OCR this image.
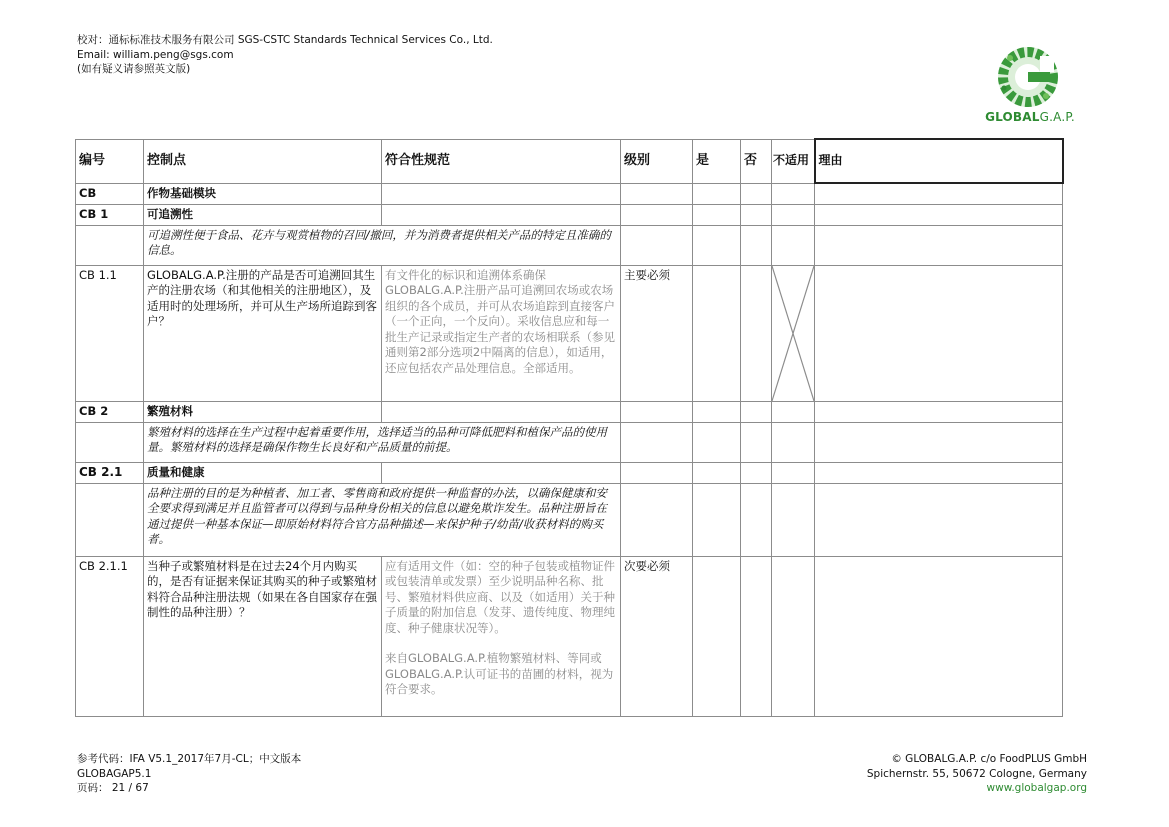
校对：通标标准技术服务有限公司 SGS-CSTC Standards Technical Services Co., Ltd.
Email: william.peng@sgs.com
(如有疑义请参照英文版)
GLOBALG.A.P.
编号	控制点	符合性规范	级别	是	否	不适用	理由
CB	作物基础模块						
CB 1	可追溯性						
	可追溯性便于食品、花卉与观赏植物的召回/撤回，并为消费者提供相关产品的特定且准确的信息。						
CB 1.1	GLOBALG.A.P.注册的产品是否可追溯回其生产的注册农场（和其他相关的注册地区），及适用时的处理场所，并可从生产场所追踪到客户？	有文件化的标识和追溯体系确保GLOBALG.A.P.注册产品可追溯回农场或农场组织的各个成员，并可从农场追踪到直接客户（一个正向，一个反向）。采收信息应和每一批生产记录或指定生产者的农场相联系（参见通则第2部分选项2中隔离的信息），如适用，还应包括农产品处理信息。全部适用。	主要必须			

CB 2	繁殖材料						
	繁殖材料的选择在生产过程中起着重要作用，选择适当的品种可降低肥料和植保产品的使用量。繁殖材料的选择是确保作物生长良好和产品质量的前提。						
CB 2.1	质量和健康						
	品种注册的目的是为种植者、加工者、零售商和政府提供一种监督的办法，以确保健康和安全要求得到满足并且监管者可以得到与品种身份相关的信息以避免欺诈发生。品种注册旨在通过提供一种基本保证—即原始材料符合官方品种描述—来保护种子/幼苗/收获材料的购买者。						
CB 2.1.1	当种子或繁殖材料是在过去24个月内购买的，是否有证据来保证其购买的种子或繁殖材料符合品种注册法规（如果在各自国家存在强制性的品种注册）？	应有适用文件（如：空的种子包装或植物证件或包装清单或发票）至少说明品种名称、批号、繁殖材料供应商、以及（如适用）关于种子质量的附加信息（发芽、遗传纯度、物理纯度、种子健康状况等）。
来自GLOBALG.A.P.植物繁殖材料、等同或GLOBALG.A.P.认可证书的苗圃的材料，视为符合要求。	次要必须				
参考代码：IFA V5.1_2017年7月-CL；中文版本
GLOBAGAP5.1
页码： 21 / 67
© GLOBALG.A.P. c/o FoodPLUS GmbH
Spichernstr. 55, 50672 Cologne, Germany
www.globalgap.org
